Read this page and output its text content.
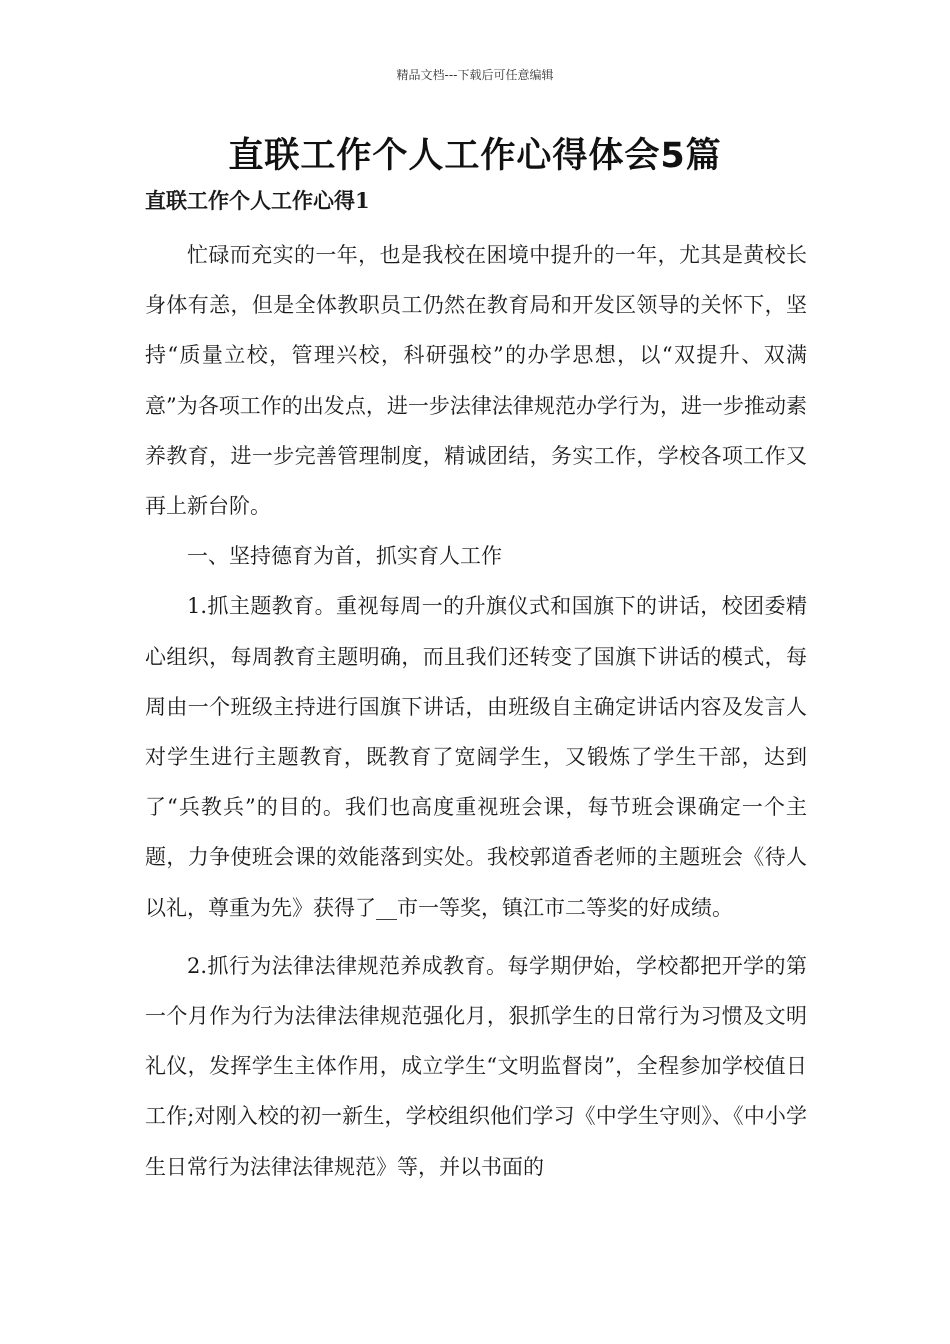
精品文档---下载后可任意编辑
直联工作个人工作心得体会5篇
直联工作个人工作心得1

忙碌而充实的一年，也是我校在困境中提升的一年，尤其是黄校长身体有恙，但是全体教职员工仍然在教育局和开发区领导的关怀下，坚持“质量立校，管理兴校，科研强校”的办学思想，以“双提升、双满意”为各项工作的出发点，进一步法律法律规范办学行为，进一步推动素养教育，进一步完善管理制度，精诚团结，务实工作，学校各项工作又再上新台阶。

一、坚持德育为首，抓实育人工作

1.抓主题教育。重视每周一的升旗仪式和国旗下的讲话，校团委精心组织，每周教育主题明确，而且我们还转变了国旗下讲话的模式，每周由一个班级主持进行国旗下讲话，由班级自主确定讲话内容及发言人对学生进行主题教育，既教育了宽阔学生，又锻炼了学生干部，达到了“兵教兵”的目的。我们也高度重视班会课，每节班会课确定一个主题，力争使班会课的效能落到实处。我校郭道香老师的主题班会《待人以礼，尊重为先》获得了__市一等奖，镇江市二等奖的好成绩。

2.抓行为法律法律规范养成教育。每学期伊始，学校都把开学的第一个月作为行为法律法律规范强化月，狠抓学生的日常行为习惯及文明礼仪，发挥学生主体作用，成立学生“文明监督岗”，全程参加学校值日工作;对刚入校的初一新生，学校组织他们学习《中学生守则》、《中小学生日常行为法律法律规范》等，并以书面的
